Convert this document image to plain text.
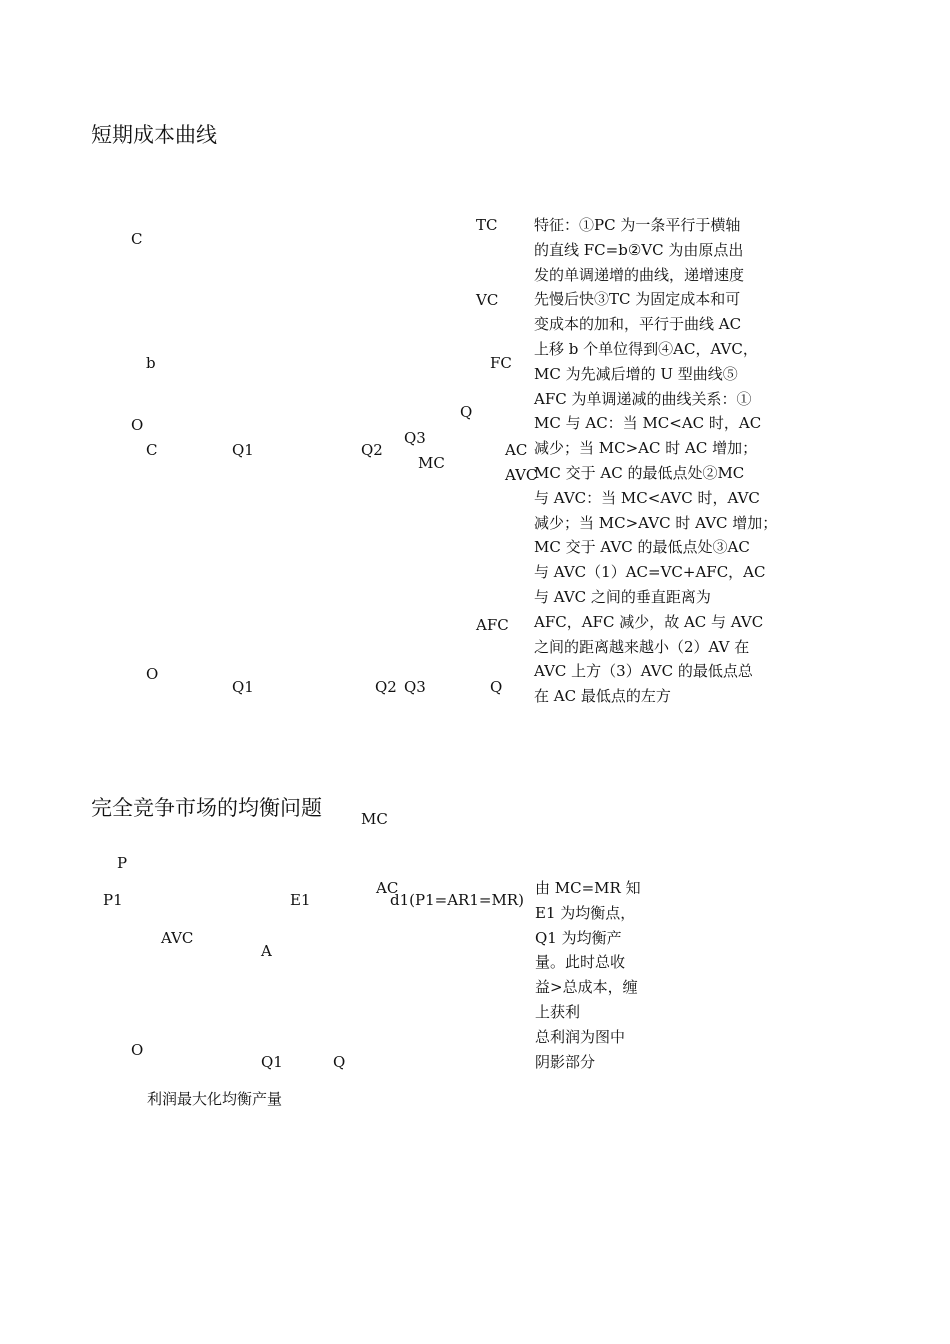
短期成本曲线
C
TC
VC
b	FC
Q
O
Q1	Q2
Q3
C
MC
AC
AVC
AFC
O
Q1	Q2 Q3	Q
特征：①PC 为一条平行于横轴
的直线 FC=b②VC 为由原点出
发的单调递增的曲线，递增速度
先慢后快③TC 为固定成本和可
变成本的加和，平行于曲线 AC
上移 b 个单位得到④AC，AVC，
MC 为先减后增的 U 型曲线⑤
AFC 为单调递减的曲线关系：①
MC 与 AC：当 MC<AC 时，AC
减少；当 MC>AC 时 AC 增加；
MC 交于 AC 的最低点处②MC
与 AVC：当 MC<AVC 时，AVC
减少；当 MC>AVC 时 AVC 增加；
MC 交于 AVC 的最低点处③AC
与 AVC（1）AC=VC+AFC，AC
与 AVC 之间的垂直距离为
AFC，AFC 减少，故 AC 与 AVC
之间的距离越来越小（2）AV 在
AVC 上方（3）AVC 的最低点总
在 AC 最低点的左方
完全竞争市场的均衡问题	MC
P
AC
P1	E1	d1(P1=AR1=MR)
AVC
A
O
Q1	Q
利润最大化均衡产量
由 MC=MR 知
E1 为均衡点，
Q1 为均衡产
量。此时总收
益>总成本，缠
上获利
总利润为图中
阴影部分
